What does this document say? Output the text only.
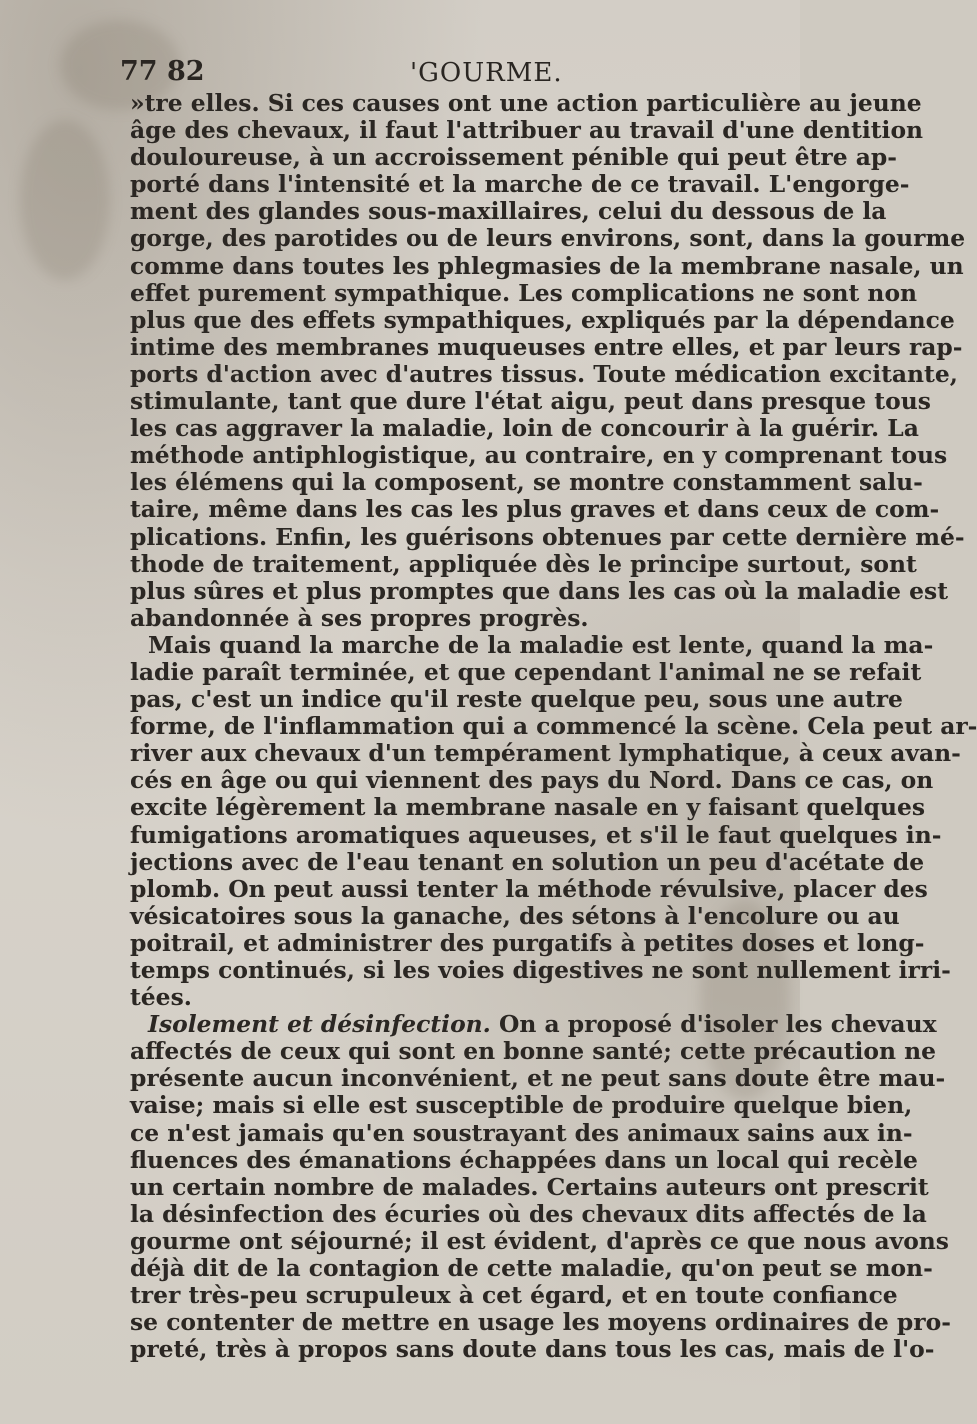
77 82	'GOURME.
»tre elles. Si ces causes ont une action particulière au jeune
âge des chevaux, il faut l'attribuer au travail d'une dentition
douloureuse, à un accroissement pénible qui peut être ap-
porté dans l'intensité et la marche de ce travail. L'engorge-
ment des glandes sous-maxillaires, celui du dessous de la
gorge, des parotides ou de leurs environs, sont, dans la gourme
comme dans toutes les phlegmasies de la membrane nasale, un
effet purement sympathique. Les complications ne sont non
plus que des effets sympathiques, expliqués par la dépendance
intime des membranes muqueuses entre elles, et par leurs rap-
ports d'action avec d'autres tissus. Toute médication excitante,
stimulante, tant que dure l'état aigu, peut dans presque tous
les cas aggraver la maladie, loin de concourir à la guérir. La
méthode antiphlogistique, au contraire, en y comprenant tous
les élémens qui la composent, se montre constamment salu-
taire, même dans les cas les plus graves et dans ceux de com-
plications. Enfin, les guérisons obtenues par cette dernière mé-
thode de traitement, appliquée dès le principe surtout, sont
plus sûres et plus promptes que dans les cas où la maladie est
abandonnée à ses propres progrès.
Mais quand la marche de la maladie est lente, quand la ma-
ladie paraît terminée, et que cependant l'animal ne se refait
pas, c'est un indice qu'il reste quelque peu, sous une autre
forme, de l'inflammation qui a commencé la scène. Cela peut ar-
river aux chevaux d'un tempérament lymphatique, à ceux avan-
cés en âge ou qui viennent des pays du Nord. Dans ce cas, on
excite légèrement la membrane nasale en y faisant quelques
fumigations aromatiques aqueuses, et s'il le faut quelques in-
jections avec de l'eau tenant en solution un peu d'acétate de
plomb. On peut aussi tenter la méthode révulsive, placer des
vésicatoires sous la ganache, des sétons à l'encolure ou au
poitrail, et administrer des purgatifs à petites doses et long-
temps continués, si les voies digestives ne sont nullement irri-
tées.
Isolement et désinfection. On a proposé d'isoler les chevaux
affectés de ceux qui sont en bonne santé; cette précaution ne
présente aucun inconvénient, et ne peut sans doute être mau-
vaise; mais si elle est susceptible de produire quelque bien,
ce n'est jamais qu'en soustrayant des animaux sains aux in-
fluences des émanations échappées dans un local qui recèle
un certain nombre de malades. Certains auteurs ont prescrit
la désinfection des écuries où des chevaux dits affectés de la
gourme ont séjourné; il est évident, d'après ce que nous avons
déjà dit de la contagion de cette maladie, qu'on peut se mon-
trer très-peu scrupuleux à cet égard, et en toute confiance
se contenter de mettre en usage les moyens ordinaires de pro-
preté, très à propos sans doute dans tous les cas, mais de l'o-
